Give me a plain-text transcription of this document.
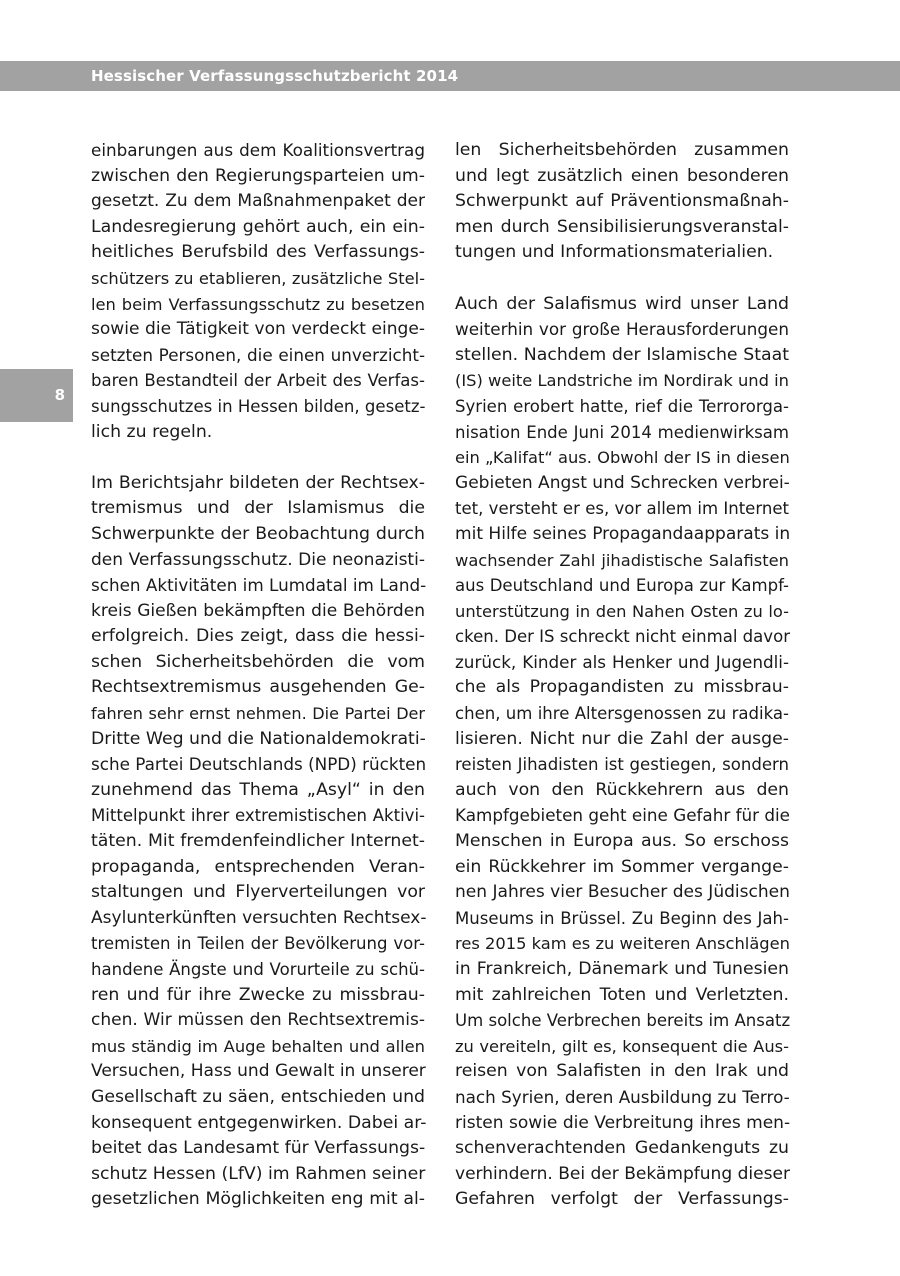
Hessischer Verfassungsschutzbericht 2014
8
einbarungen aus dem Koalitionsvertrag
zwischen den Regierungsparteien um-
gesetzt. Zu dem Maßnahmenpaket der
Landesregierung gehört auch, ein ein-
heitliches Berufsbild des Verfassungs-
schützers zu etablieren, zusätzliche Stel-
len beim Verfassungsschutz zu besetzen
sowie die Tätigkeit von verdeckt einge-
setzten Personen, die einen unverzicht-
baren Bestandteil der Arbeit des Verfas-
sungsschutzes in Hessen bilden, gesetz-
lich zu regeln.
Im Berichtsjahr bildeten der Rechtsex-
tremismus und der Islamismus die
Schwerpunkte der Beobachtung durch
den Verfassungsschutz. Die neonazisti-
schen Aktivitäten im Lumdatal im Land-
kreis Gießen bekämpften die Behörden
erfolgreich. Dies zeigt, dass die hessi-
schen Sicherheitsbehörden die vom
Rechtsextremismus ausgehenden Ge-
fahren sehr ernst nehmen. Die Partei Der
Dritte Weg und die Nationaldemokrati-
sche Partei Deutschlands (NPD) rückten
zunehmend das Thema „Asyl“ in den
Mittelpunkt ihrer extremistischen Aktivi-
täten. Mit fremdenfeindlicher Internet-
propaganda, entsprechenden Veran-
staltungen und Flyerverteilungen vor
Asylunterkünften versuchten Rechtsex-
tremisten in Teilen der Bevölkerung vor-
handene Ängste und Vorurteile zu schü-
ren und für ihre Zwecke zu missbrau-
chen. Wir müssen den Rechtsextremis-
mus ständig im Auge behalten und allen
Versuchen, Hass und Gewalt in unserer
Gesellschaft zu säen, entschieden und
konsequent entgegenwirken. Dabei ar-
beitet das Landesamt für Verfassungs-
schutz Hessen (LfV) im Rahmen seiner
gesetzlichen Möglichkeiten eng mit al-
len Sicherheitsbehörden zusammen
und legt zusätzlich einen besonderen
Schwerpunkt auf Präventionsmaßnah-
men durch Sensibilisierungsveranstal-
tungen und Informationsmaterialien.
Auch der Salafismus wird unser Land
weiterhin vor große Herausforderungen
stellen. Nachdem der Islamische Staat
(IS) weite Landstriche im Nordirak und in
Syrien erobert hatte, rief die Terrororga-
nisation Ende Juni 2014 medienwirksam
ein „Kalifat“ aus. Obwohl der IS in diesen
Gebieten Angst und Schrecken verbrei-
tet, versteht er es, vor allem im Internet
mit Hilfe seines Propagandaapparats in
wachsender Zahl jihadistische Salafisten
aus Deutschland und Europa zur Kampf-
unterstützung in den Nahen Osten zu lo-
cken. Der IS schreckt nicht einmal davor
zurück, Kinder als Henker und Jugendli-
che als Propagandisten zu missbrau-
chen, um ihre Altersgenossen zu radika-
lisieren. Nicht nur die Zahl der ausge-
reisten Jihadisten ist gestiegen, sondern
auch von den Rückkehrern aus den
Kampfgebieten geht eine Gefahr für die
Menschen in Europa aus. So erschoss
ein Rückkehrer im Sommer vergange-
nen Jahres vier Besucher des Jüdischen
Museums in Brüssel. Zu Beginn des Jah-
res 2015 kam es zu weiteren Anschlägen
in Frankreich, Dänemark und Tunesien
mit zahlreichen Toten und Verletzten.
Um solche Verbrechen bereits im Ansatz
zu vereiteln, gilt es, konsequent die Aus-
reisen von Salafisten in den Irak und
nach Syrien, deren Ausbildung zu Terro-
risten sowie die Verbreitung ihres men-
schenverachtenden Gedankenguts zu
verhindern. Bei der Bekämpfung dieser
Gefahren verfolgt der Verfassungs-
